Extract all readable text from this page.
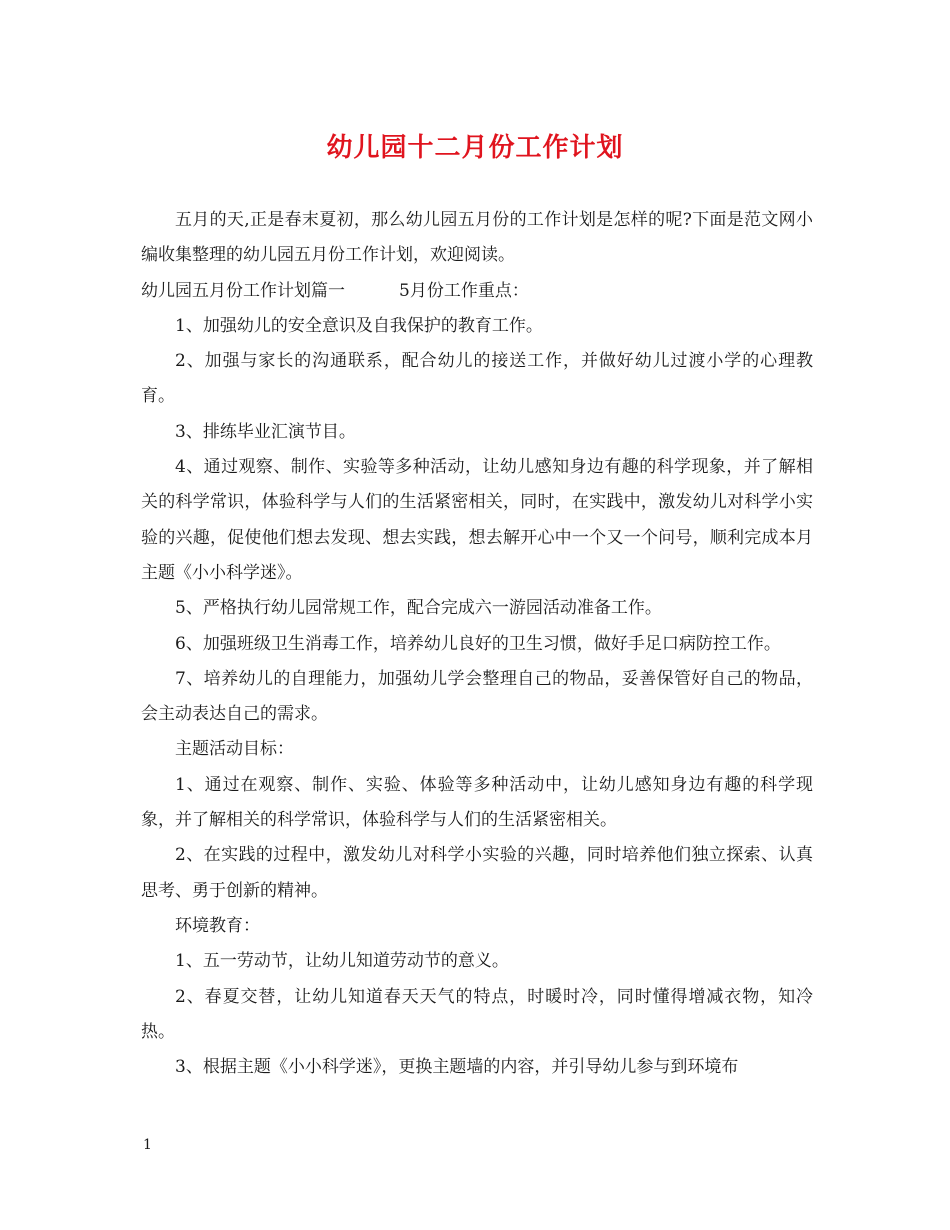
幼儿园十二月份工作计划

五月的天,正是春末夏初，那么幼儿园五月份的工作计划是怎样的呢?下面是范文网小编收集整理的幼儿园五月份工作计划，欢迎阅读。

幼儿园五月份工作计划篇一	5月份工作重点：

1、加强幼儿的安全意识及自我保护的教育工作。

2、加强与家长的沟通联系，配合幼儿的接送工作，并做好幼儿过渡小学的心理教育。

3、排练毕业汇演节目。

4、通过观察、制作、实验等多种活动，让幼儿感知身边有趣的科学现象，并了解相关的科学常识，体验科学与人们的生活紧密相关，同时，在实践中，激发幼儿对科学小实验的兴趣，促使他们想去发现、想去实践，想去解开心中一个又一个问号，顺利完成本月主题《小小科学迷》。

5、严格执行幼儿园常规工作，配合完成六一游园活动准备工作。

6、加强班级卫生消毒工作，培养幼儿良好的卫生习惯，做好手足口病防控工作。

7、培养幼儿的自理能力，加强幼儿学会整理自己的物品，妥善保管好自己的物品，会主动表达自己的需求。

主题活动目标：

1、通过在观察、制作、实验、体验等多种活动中，让幼儿感知身边有趣的科学现象，并了解相关的科学常识，体验科学与人们的生活紧密相关。

2、在实践的过程中，激发幼儿对科学小实验的兴趣，同时培养他们独立探索、认真思考、勇于创新的精神。

环境教育：

1、五一劳动节，让幼儿知道劳动节的意义。

2、春夏交替，让幼儿知道春天天气的特点，时暖时冷，同时懂得增减衣物，知冷热。

3、根据主题《小小科学迷》，更换主题墙的内容，并引导幼儿参与到环境布

1
